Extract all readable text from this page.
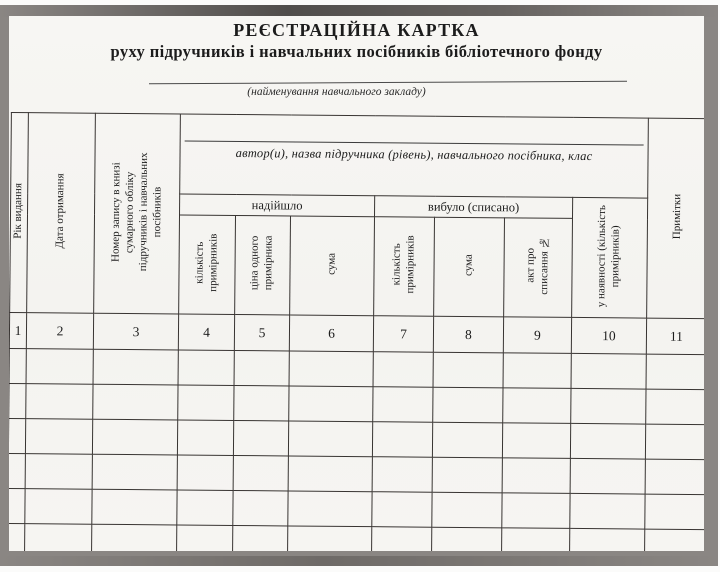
РЕЄСТРАЦІЙНА КАРТКА
руху підручників і навчальних посібників бібліотечного фонду
(найменування навчального закладу)
Рік видання	Дата отримання	Номер запису в книзі сумарного обліку підручників і навчальних посібників	автор(и), назва підручника (рівень), навчального посібника, клас							Примітки
			надійшло			вибуло (списано)			у наявності (кількість примірників)	
			кількість примірників	ціна одного примірника	сума	кількість примірників	сума	акт про списання №		
1	2	3	4	5	6	7	8	9	10	11
